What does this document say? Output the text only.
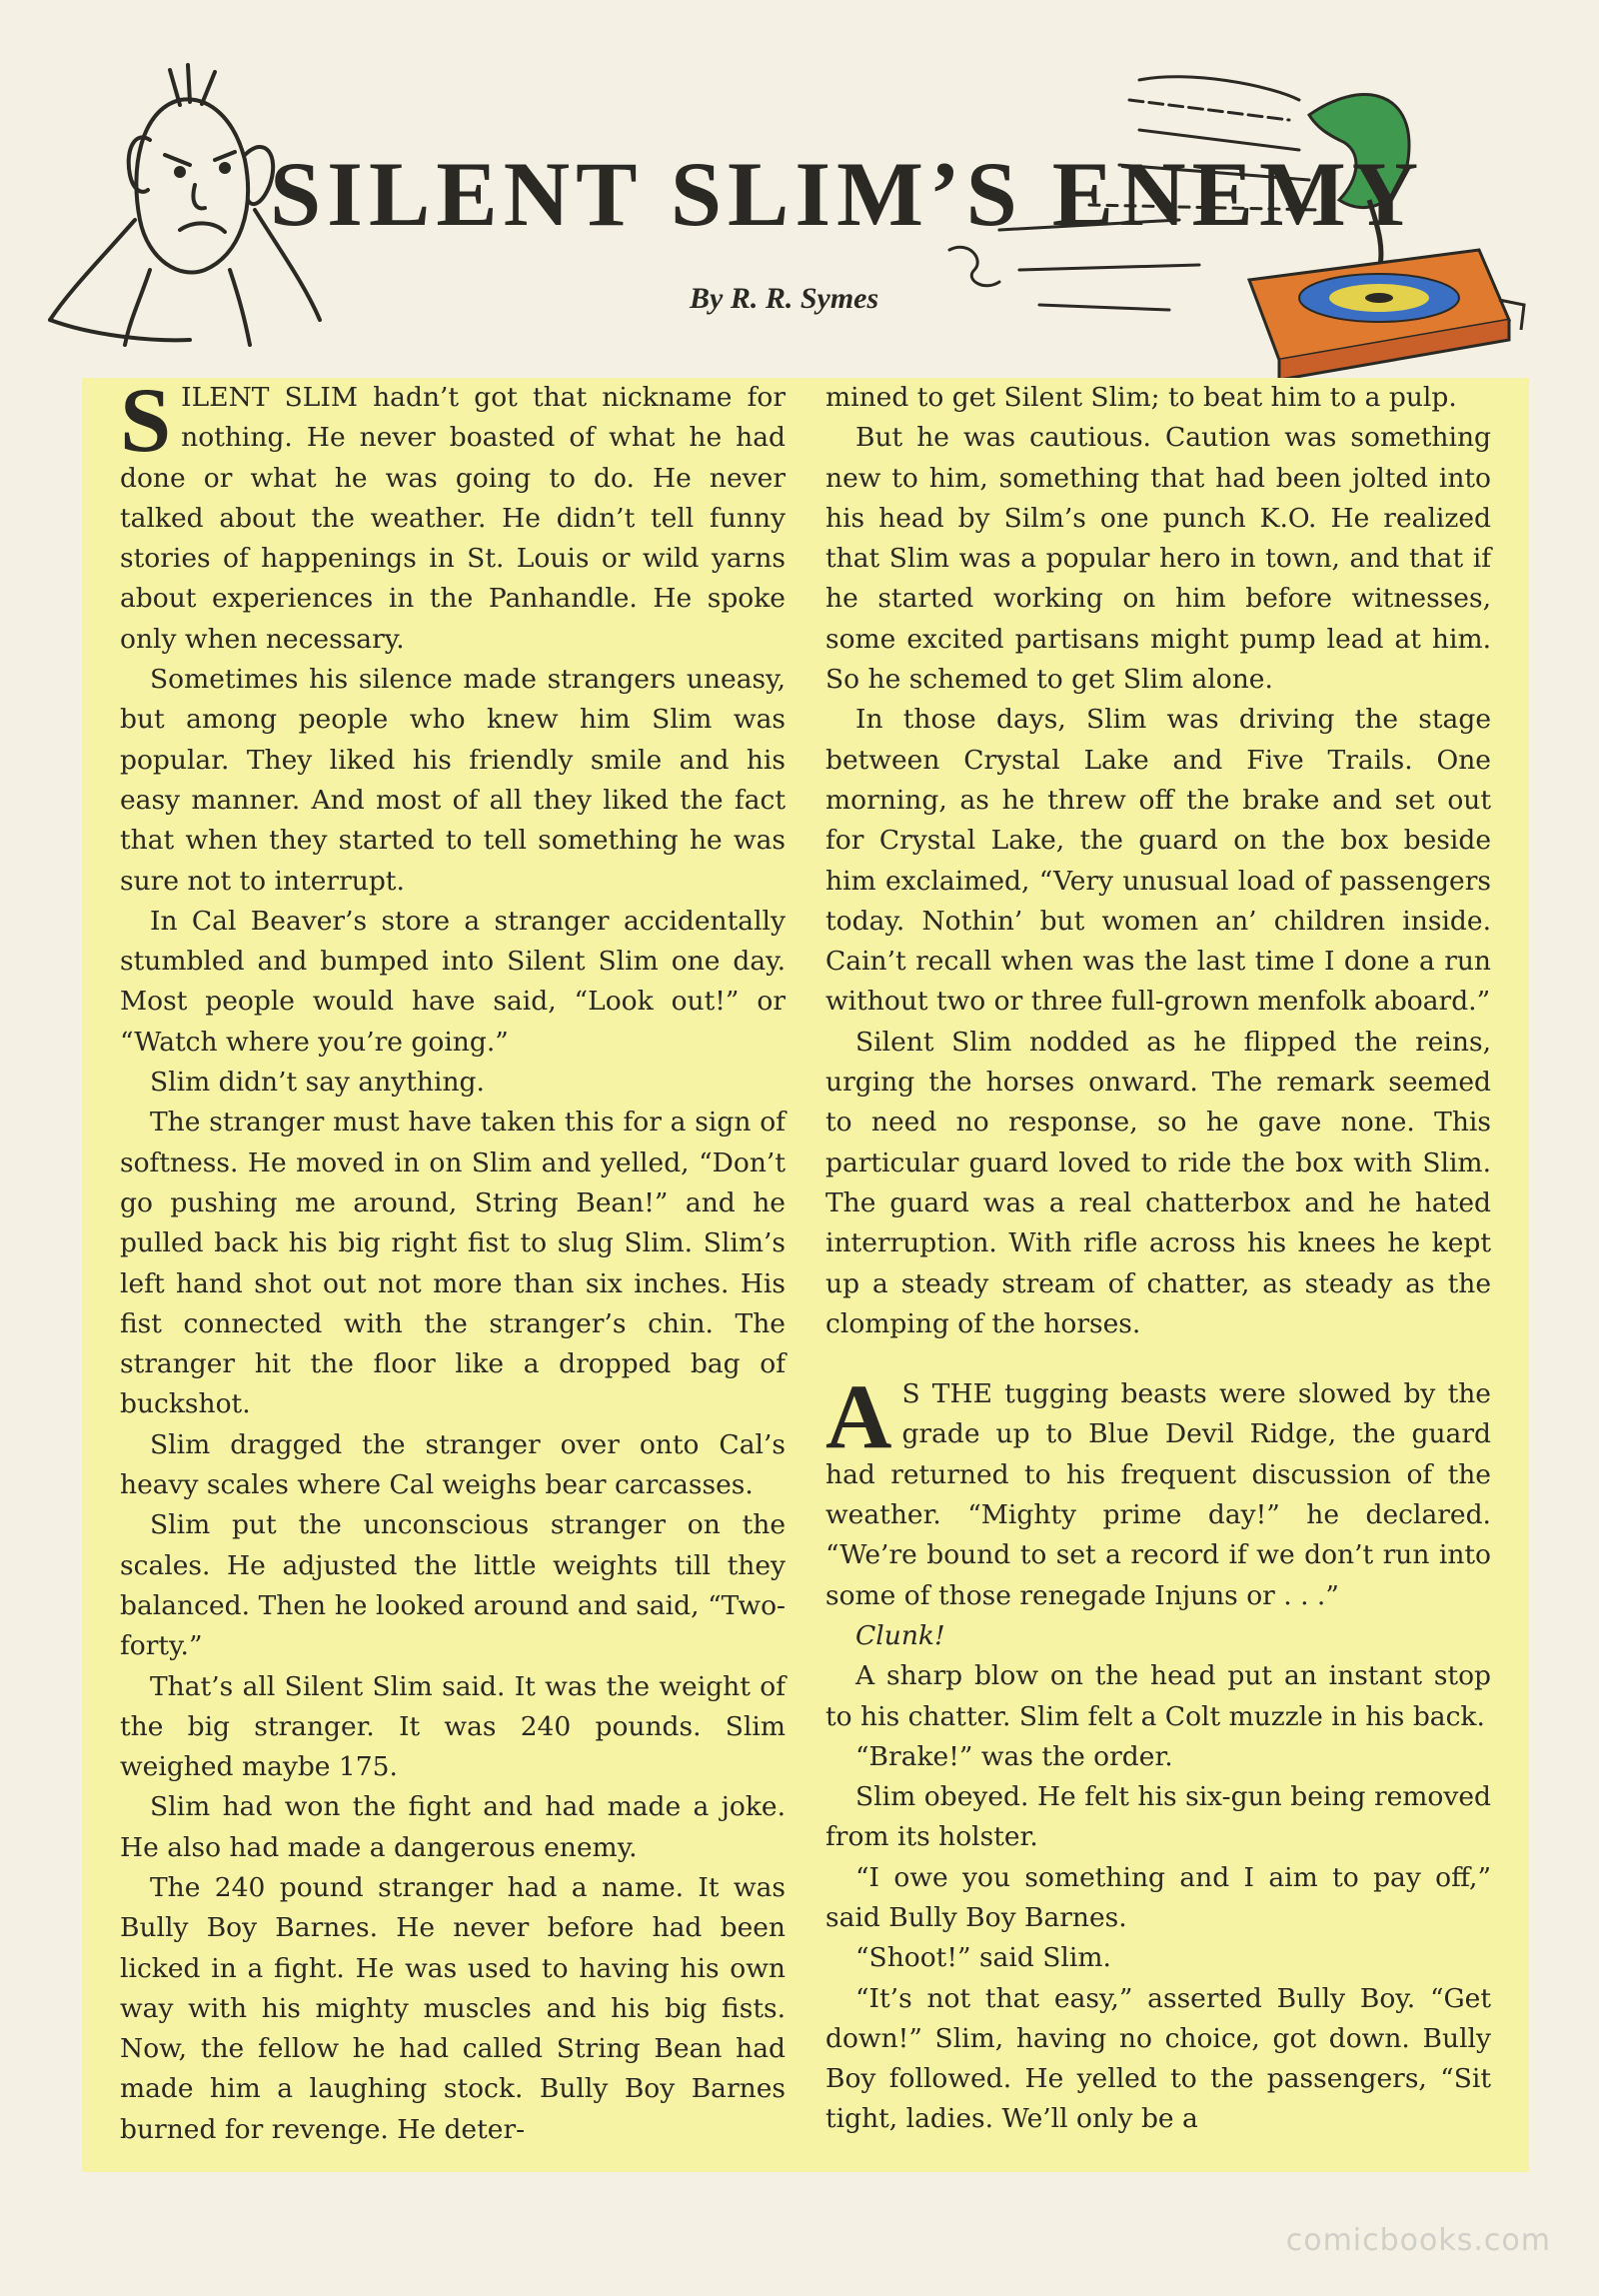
SILENT SLIM’S ENEMY

By R. R. Symes

SILENT SLIM hadn’t got that nickname for nothing. He never boasted of what he had done or what he was going to do. He never talked about the weather. He didn’t tell funny stories of happenings in St. Louis or wild yarns about experiences in the Panhandle. He spoke only when necessary.

Sometimes his silence made strangers uneasy, but among people who knew him Slim was popular. They liked his friendly smile and his easy manner. And most of all they liked the fact that when they started to tell something he was sure not to interrupt.

In Cal Beaver’s store a stranger accidentally stumbled and bumped into Silent Slim one day. Most people would have said, “Look out!” or “Watch where you’re going.”

Slim didn’t say anything.

The stranger must have taken this for a sign of softness. He moved in on Slim and yelled, “Don’t go pushing me around, String Bean!” and he pulled back his big right fist to slug Slim. Slim’s left hand shot out not more than six inches. His fist connected with the stranger’s chin. The stranger hit the floor like a dropped bag of buckshot.

Slim dragged the stranger over onto Cal’s heavy scales where Cal weighs bear carcasses.

Slim put the unconscious stranger on the scales. He adjusted the little weights till they balanced. Then he looked around and said, “Two-forty.”

That’s all Silent Slim said. It was the weight of the big stranger. It was 240 pounds. Slim weighed maybe 175.

Slim had won the fight and had made a joke. He also had made a dangerous enemy.

The 240 pound stranger had a name. It was Bully Boy Barnes. He never before had been licked in a fight. He was used to having his own way with his mighty muscles and his big fists. Now, the fellow he had called String Bean had made him a laughing stock. Bully Boy Barnes burned for revenge. He deter-

mined to get Silent Slim; to beat him to a pulp.

But he was cautious. Caution was something new to him, something that had been jolted into his head by Silm’s one punch K.O. He realized that Slim was a popular hero in town, and that if he started working on him before witnesses, some excited partisans might pump lead at him. So he schemed to get Slim alone.

In those days, Slim was driving the stage between Crystal Lake and Five Trails. One morning, as he threw off the brake and set out for Crystal Lake, the guard on the box beside him exclaimed, “Very unusual load of passengers today. Nothin’ but women an’ children inside. Cain’t recall when was the last time I done a run without two or three full-grown menfolk aboard.”

Silent Slim nodded as he flipped the reins, urging the horses onward. The remark seemed to need no response, so he gave none. This particular guard loved to ride the box with Slim. The guard was a real chatterbox and he hated interruption. With rifle across his knees he kept up a steady stream of chatter, as steady as the clomping of the horses.

A S THE tugging beasts were slowed by the grade up to Blue Devil Ridge, the guard had returned to his frequent discussion of the weather. “Mighty prime day!” he declared. “We’re bound to set a record if we don’t run into some of those renegade Injuns or . . .”

Clunk!

A sharp blow on the head put an instant stop to his chatter. Slim felt a Colt muzzle in his back.

“Brake!” was the order.

Slim obeyed. He felt his six-gun being removed from its holster.

“I owe you something and I aim to pay off,” said Bully Boy Barnes.

“Shoot!” said Slim.

“It’s not that easy,” asserted Bully Boy. “Get down!” Slim, having no choice, got down. Bully Boy followed. He yelled to the passengers, “Sit tight, ladies. We’ll only be a

comicbooks.com
